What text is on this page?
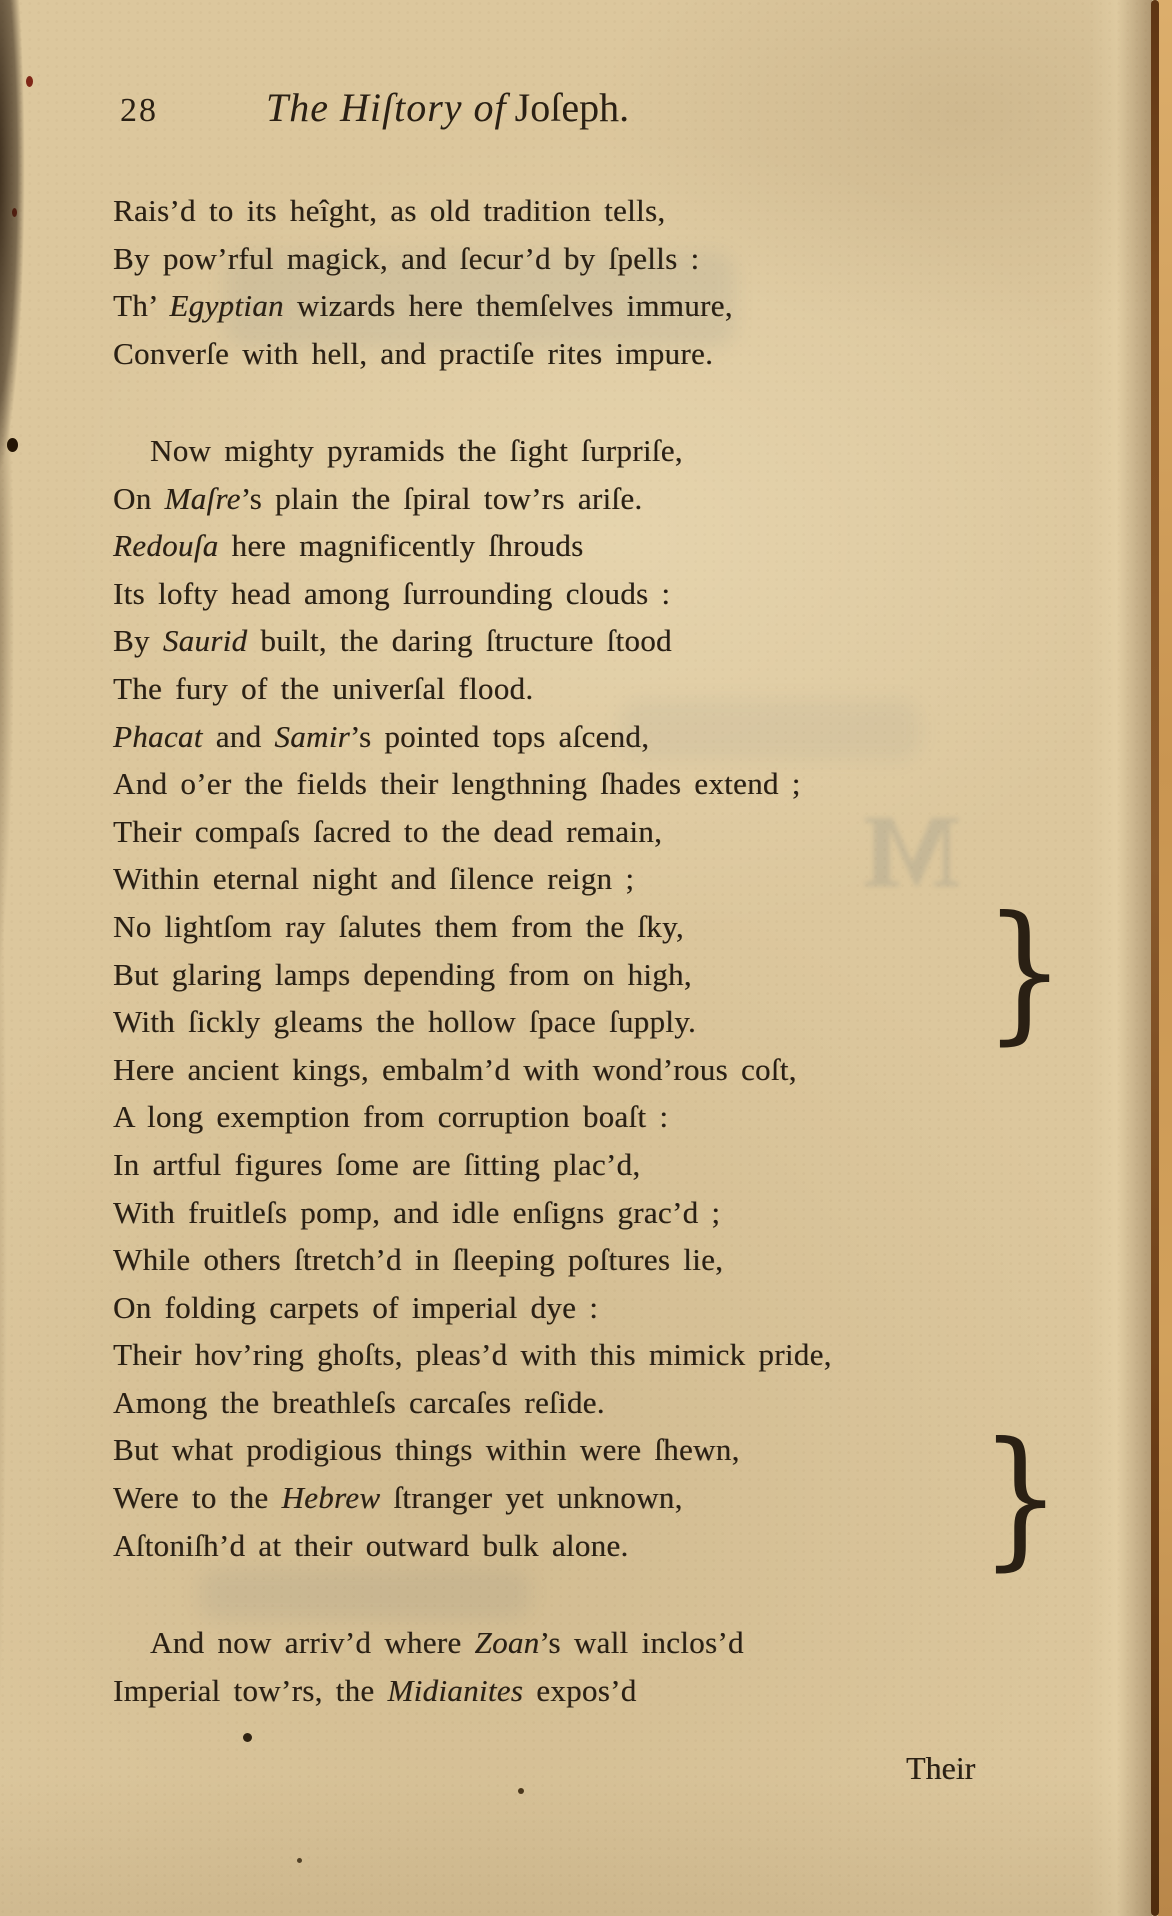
M
28	The Hiſtory of Joſeph.
Rais’d to its heîght, as old tradition tells,
By pow’rful magick, and ſecur’d by ſpells :
Th’ Egyptian wizards here themſelves immure,
Converſe with hell, and practiſe rites impure.
Now mighty pyramids the ſight ſurpriſe,
On Maſre’s plain the ſpiral tow’rs ariſe.
Redouſa here magnificently ſhrouds
Its lofty head among ſurrounding clouds :
By Saurid built, the daring ſtructure ſtood
The fury of the univerſal flood.
Phacat and Samir’s pointed tops aſcend,
And o’er the fields their lengthning ſhades extend ;
Their compaſs ſacred to the dead remain,
Within eternal night and ſilence reign ;
No lightſom ray ſalutes them from the ſky,
But glaring lamps depending from on high,
With ſickly gleams the hollow ſpace ſupply.
Here ancient kings, embalm’d with wond’rous coſt,
A long exemption from corruption boaſt :
In artful figures ſome are ſitting plac’d,
With fruitleſs pomp, and idle enſigns grac’d ;
While others ſtretch’d in ſleeping poſtures lie,
On folding carpets of imperial dye :
Their hov’ring ghoſts, pleas’d with this mimick pride,
Among the breathleſs carcaſes reſide.
But what prodigious things within were ſhewn,
Were to the Hebrew ſtranger yet unknown,
Aſtoniſh’d at their outward bulk alone.
And now arriv’d where Zoan’s wall inclos’d
Imperial tow’rs, the Midianites expos’d
}
}
Their
